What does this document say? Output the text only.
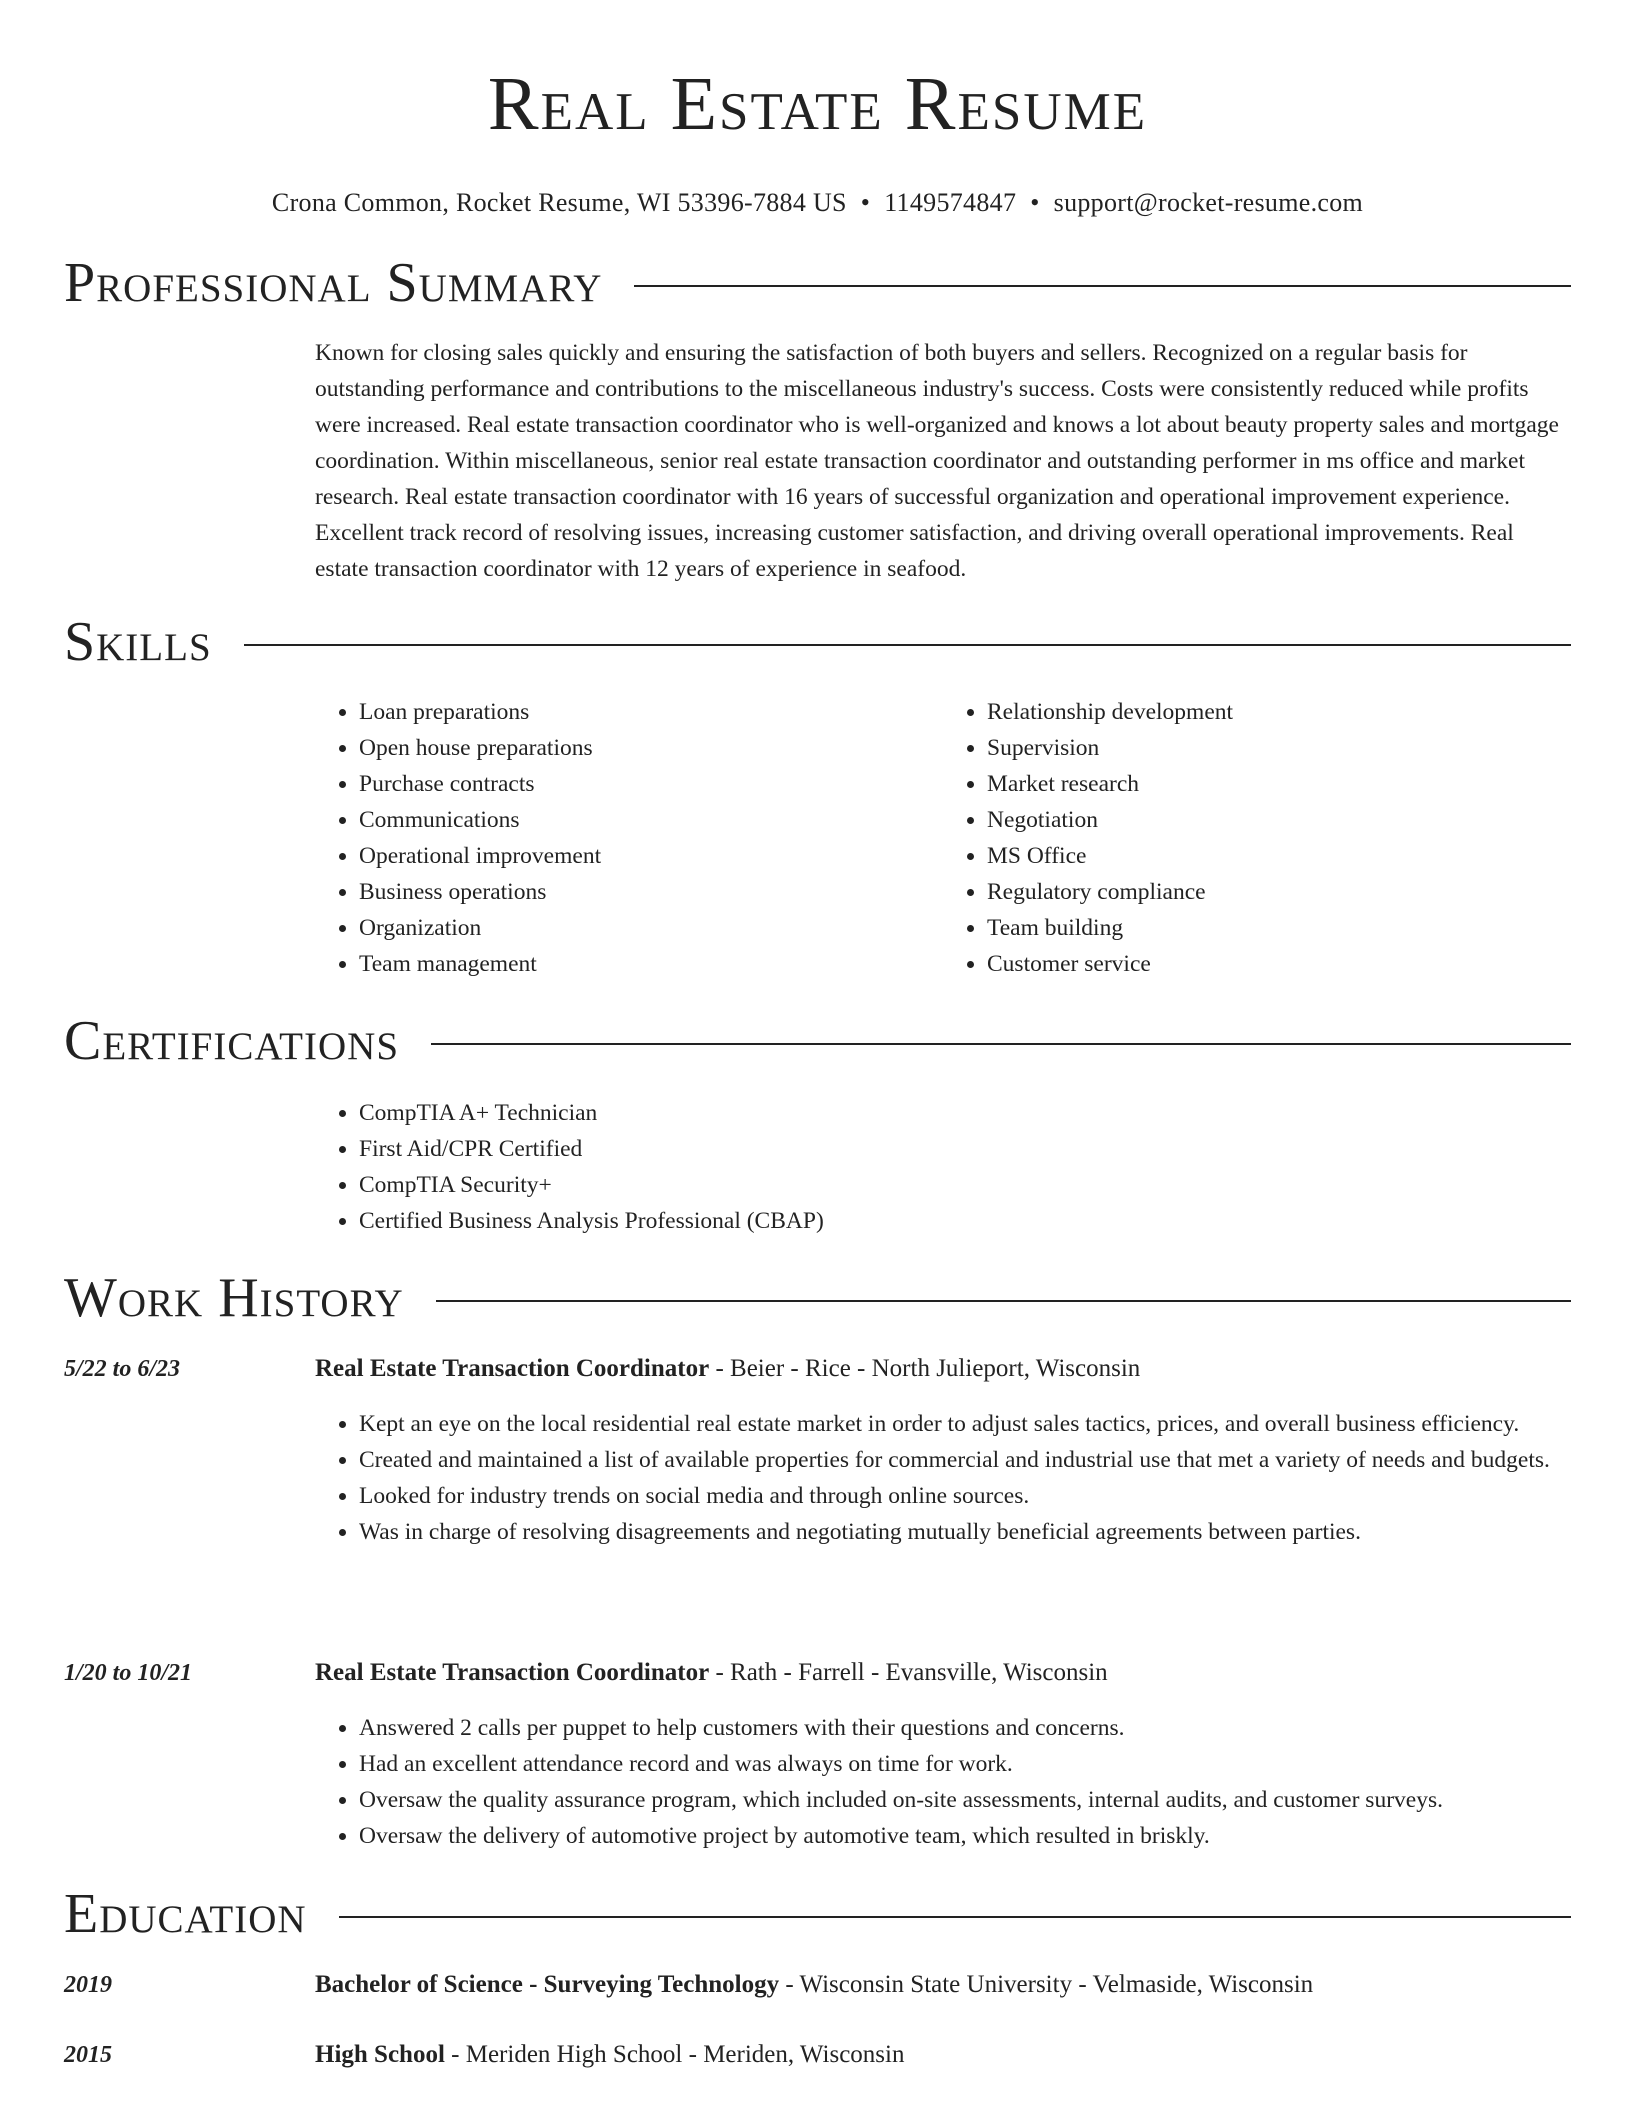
Real Estate Resume
Crona Common, Rocket Resume, WI 53396-7884 US • 1149574847 • support@rocket-resume.com
Professional Summary

Known for closing sales quickly and ensuring the satisfaction of both buyers and sellers. Recognized on a regular basis for outstanding performance and contributions to the miscellaneous industry's success. Costs were consistently reduced while profits were increased. Real estate transaction coordinator who is well-organized and knows a lot about beauty property sales and mortgage coordination. Within miscellaneous, senior real estate transaction coordinator and outstanding performer in ms office and market research. Real estate transaction coordinator with 16 years of successful organization and operational improvement experience. Excellent track record of resolving issues, increasing customer satisfaction, and driving overall operational improvements. Real estate transaction coordinator with 12 years of experience in seafood.

Skills
• Loan preparations
• Open house preparations
• Purchase contracts
• Communications
• Operational improvement
• Business operations
• Organization
• Team management
• Relationship development
• Supervision
• Market research
• Negotiation
• MS Office
• Regulatory compliance
• Team building
• Customer service
Certifications
• CompTIA A+ Technician
• First Aid/CPR Certified
• CompTIA Security+
• Certified Business Analysis Professional (CBAP)
Work History
5/22 to 6/23	Real Estate Transaction Coordinator - Beier - Rice - North Julieport, Wisconsin
• Kept an eye on the local residential real estate market in order to adjust sales tactics, prices, and overall business efficiency.
• Created and maintained a list of available properties for commercial and industrial use that met a variety of needs and budgets.
• Looked for industry trends on social media and through online sources.
• Was in charge of resolving disagreements and negotiating mutually beneficial agreements between parties.
1/20 to 10/21	Real Estate Transaction Coordinator - Rath - Farrell - Evansville, Wisconsin
• Answered 2 calls per puppet to help customers with their questions and concerns.
• Had an excellent attendance record and was always on time for work.
• Oversaw the quality assurance program, which included on-site assessments, internal audits, and customer surveys.
• Oversaw the delivery of automotive project by automotive team, which resulted in briskly.
Education
2019	Bachelor of Science - Surveying Technology - Wisconsin State University - Velmaside, Wisconsin
2015	High School - Meriden High School - Meriden, Wisconsin
